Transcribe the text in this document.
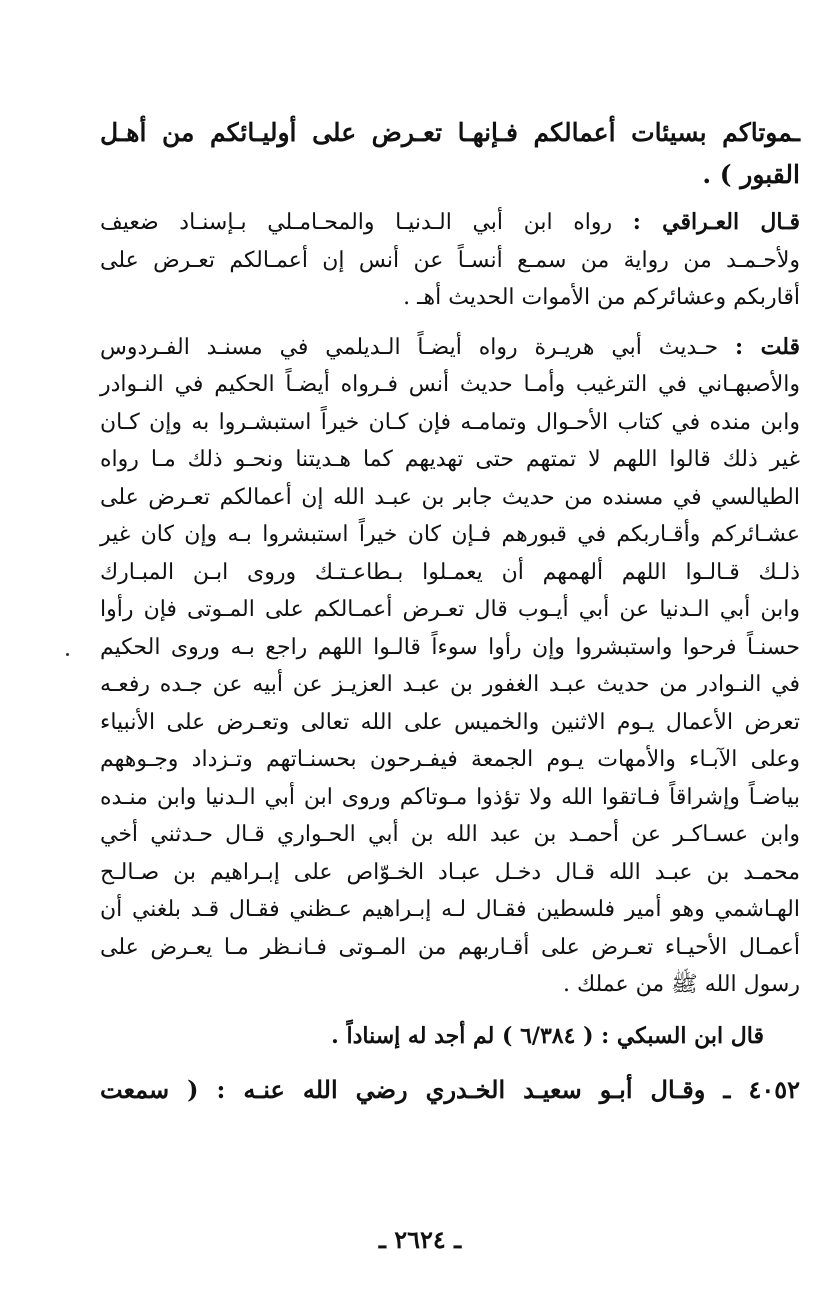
ـموتاكم بسيئات أعمالكم فـإنهـا تعـرض على أوليـائكم من أهـل
القبور ) .
قـال العـراقي : رواه ابن أبي الـدنيـا والمحـامـلي بـإسنـاد ضعيف
ولأحـمـد من رواية من سمـع أنسـاً عن أنس إن أعمـالكم تعـرض على
أقاربكم وعشائركم من الأموات الحديث أهـ .
قلت : حـديث أبي هريـرة رواه أيضـاً الـديلمي في مسنـد الفـردوس
والأصبهـاني في الترغيب وأمـا حديث أنس فـرواه أيضـاً الحكيم في النـوادر
وابن منده في كتاب الأحـوال وتمامـه فإن كـان خيراً استبشـروا به وإن كـان
غير ذلك قالوا اللهم لا تمتهم حتى تهديهم كما هـديتنا ونحـو ذلك مـا رواه
الطيالسي في مسنده من حديث جابر بن عبـد الله إن أعمالكم تعـرض على
عشـائركم وأقـاربكم في قبورهم فـإن كان خيراً استبشروا بـه وإن كان غير
ذلـك قـالـوا اللهم ألهمهم أن يعمـلوا بـطاعـتـك وروى ابـن المبـارك
وابن أبي الـدنيا عن أبي أيـوب قال تعـرض أعمـالكم على المـوتى فإن رأوا
حسنـاً فرحوا واستبشروا وإن رأوا سوءاً قالـوا اللهم راجع بـه وروى الحكيم
في النـوادر من حديث عبـد الغفور بن عبـد العزيـز عن أبيه عن جـده رفعـه
تعرض الأعمال يـوم الاثنين والخميس على الله تعالى وتعـرض على الأنبياء
وعلى الآبـاء والأمهات يـوم الجمعة فيفـرحون بحسنـاتهم وتـزداد وجـوههم
بياضـاً وإشراقاً فـاتقوا الله ولا تؤذوا مـوتاكم وروى ابن أبي الـدنيا وابن منـده
وابن عسـاكـر عن أحمـد بن عبد الله بن أبي الحـواري قـال حـدثني أخي
محمـد بن عبـد الله قـال دخـل عبـاد الخـوّاص على إبـراهيم بن صـالـح
الهـاشمي وهو أمير فلسطين فقـال لـه إبـراهيم عـظني فقـال قـد بلغني أن
أعمـال الأحيـاء تعـرض على أقـاربهم من المـوتى فـانـظر مـا يعـرض على
رسول الله ﷺ من عملك .
قال ابن السبكي : ( ٦/٣٨٤ ) لم أجد له إسناداً .
٤٠٥٢ ـ وقـال أبـو سعيـد الخـدري رضي الله عنـه : ( سمعت
ـ ٢٦٢٤ ـ
